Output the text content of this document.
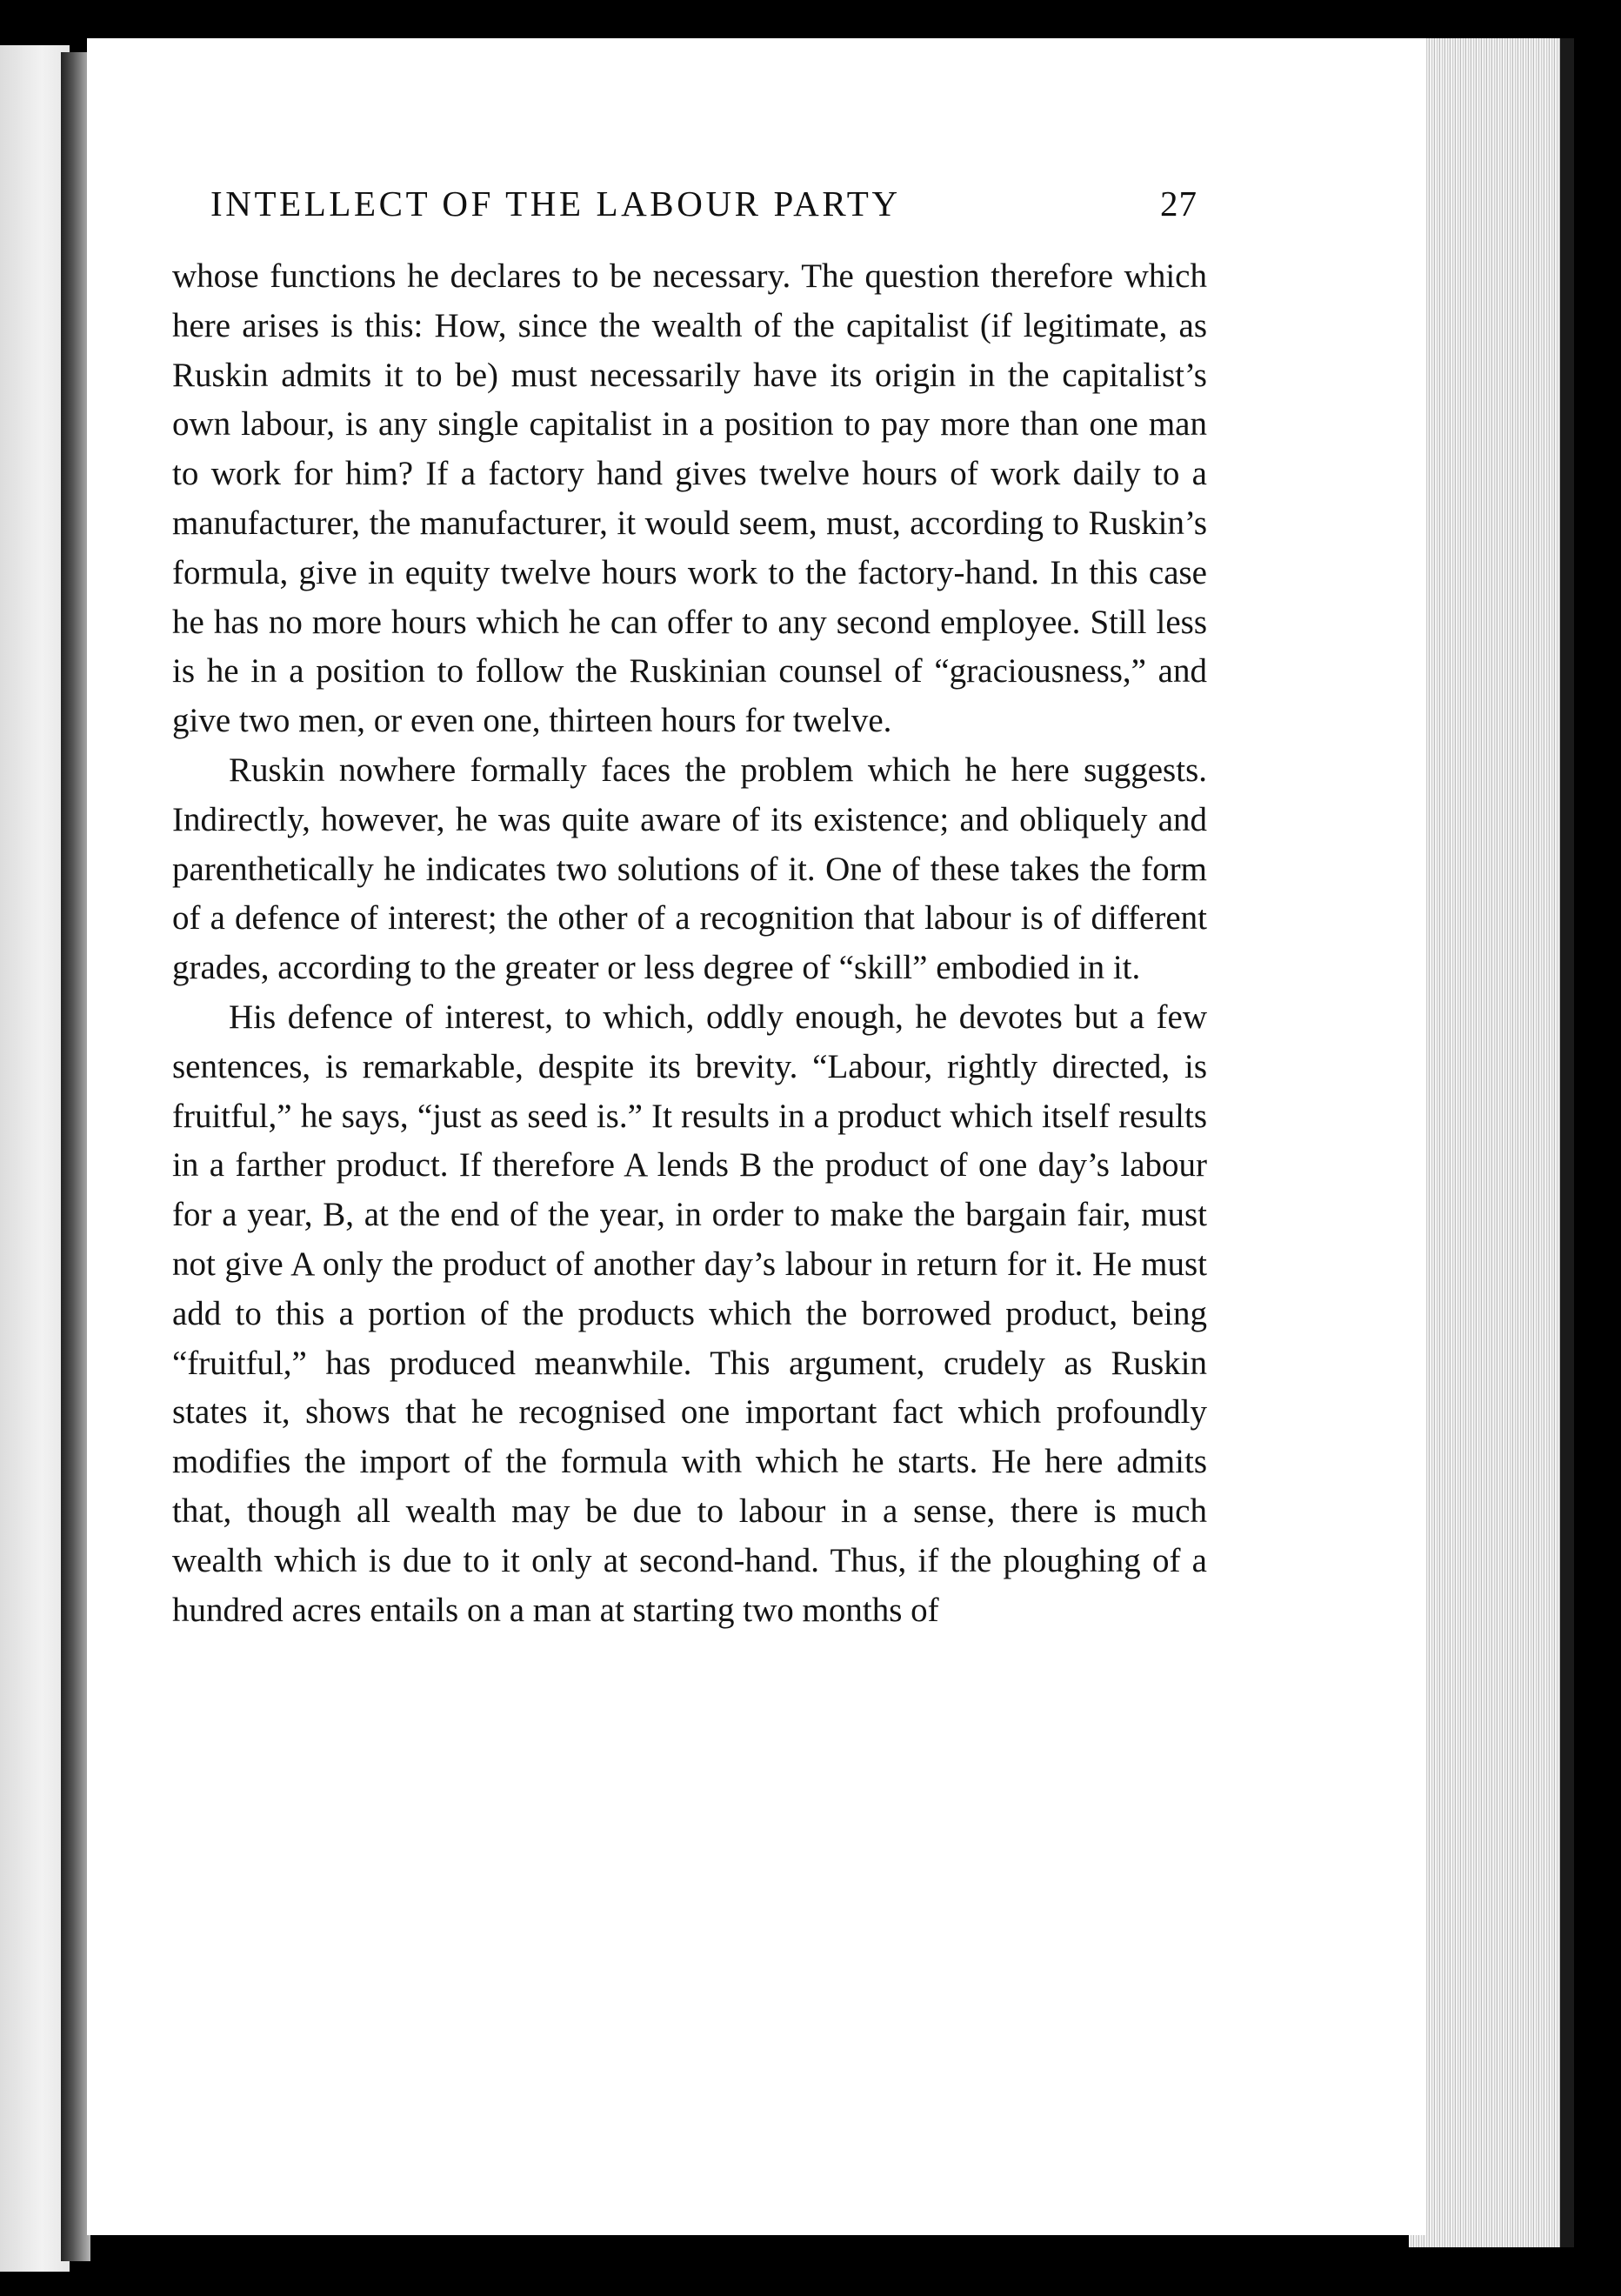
INTELLECT OF THE LABOUR PARTY	27

whose functions he declares to be necessary. The question therefore which here arises is this: How, since the wealth of the capitalist (if legitimate, as Ruskin admits it to be) must necessarily have its origin in the capitalist’s own labour, is any single capitalist in a position to pay more than one man to work for him? If a factory hand gives twelve hours of work daily to a manufacturer, the manufacturer, it would seem, must, according to Ruskin’s formula, give in equity twelve hours work to the factory-hand. In this case he has no more hours which he can offer to any second employee. Still less is he in a position to follow the Ruskinian counsel of “graciousness,” and give two men, or even one, thirteen hours for twelve.

Ruskin nowhere formally faces the problem which he here suggests. Indirectly, however, he was quite aware of its existence; and obliquely and parenthetically he indicates two solutions of it. One of these takes the form of a defence of interest; the other of a recognition that labour is of different grades, according to the greater or less degree of “skill” embodied in it.

His defence of interest, to which, oddly enough, he devotes but a few sentences, is remarkable, despite its brevity. “Labour, rightly directed, is fruitful,” he says, “just as seed is.” It results in a product which itself results in a farther product. If therefore A lends B the product of one day’s labour for a year, B, at the end of the year, in order to make the bargain fair, must not give A only the product of another day’s labour in return for it. He must add to this a portion of the products which the borrowed product, being “fruitful,” has produced meanwhile. This argument, crudely as Ruskin states it, shows that he recognised one important fact which profoundly modifies the import of the formula with which he starts. He here admits that, though all wealth may be due to labour in a sense, there is much wealth which is due to it only at second-hand. Thus, if the ploughing of a hundred acres entails on a man at starting two months of
